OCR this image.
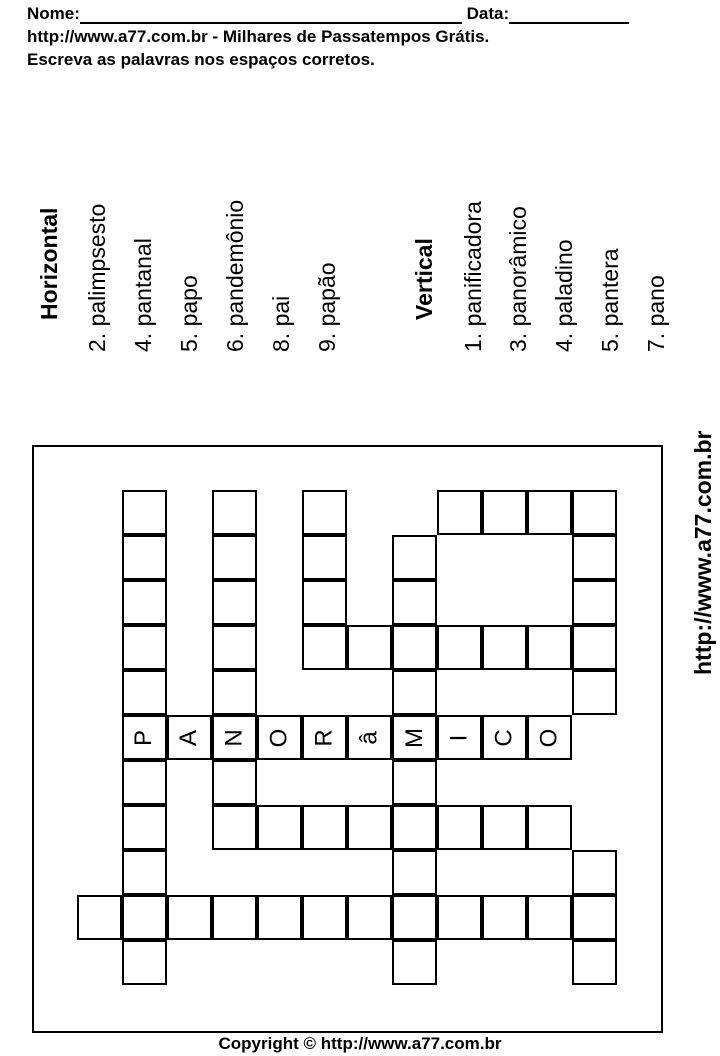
Nome:	Data:
http://www.a77.com.br - Milhares de Passatempos Grátis.
Escreva as palavras nos espaços corretos.
Horizontal 2. palimpsesto 4. pantanal 5. papo 6. pandemônio 8. pai 9. papão	Vertical 1. panificadora 3. panorâmico 4. paladino 5. pantera 7. pano
P A N O R â M I C O
http://www.a77.com.br
Copyright © http://www.a77.com.br
